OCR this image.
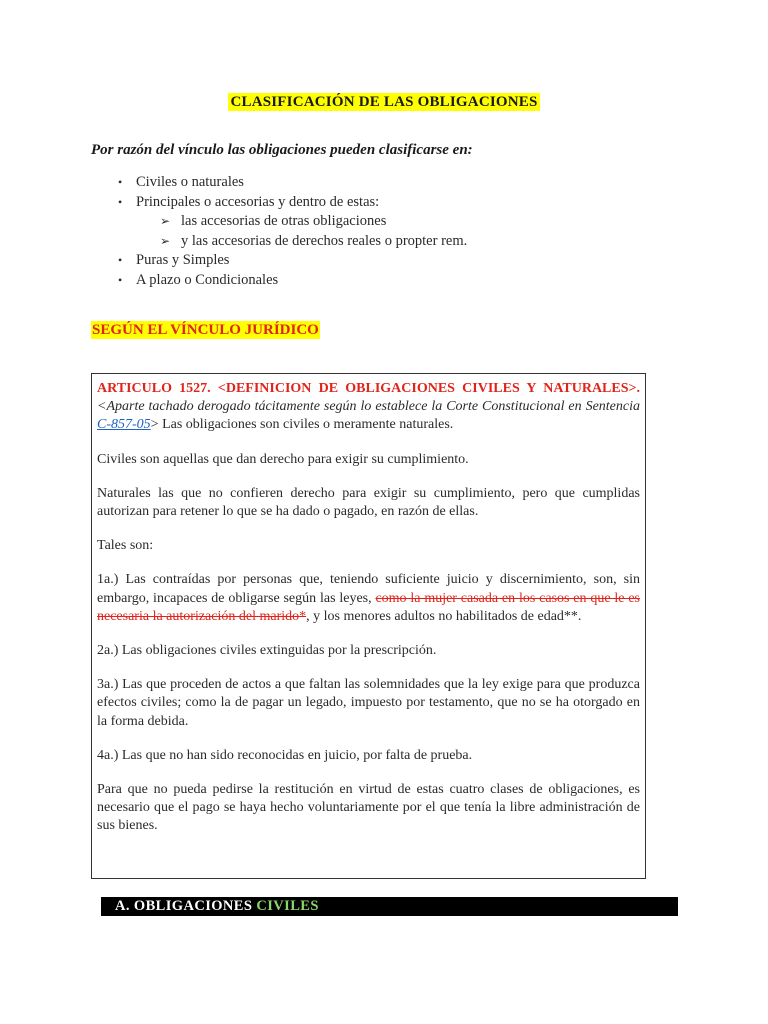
CLASIFICACIÓN DE LAS OBLIGACIONES
Por razón del vínculo las obligaciones pueden clasificarse en:
• Civiles o naturales
• Principales o accesorias y dentro de estas:
➢ las accesorias de otras obligaciones
➢ y las accesorias de derechos reales o propter rem.
• Puras y Simples
• A plazo o Condicionales
SEGÚN EL VÍNCULO JURÍDICO

ARTICULO 1527. <DEFINICION DE OBLIGACIONES CIVILES Y NATURALES>. <Aparte tachado derogado tácitamente según lo establece la Corte Constitucional en Sentencia C-857-05> Las obligaciones son civiles o meramente naturales.

Civiles son aquellas que dan derecho para exigir su cumplimiento.

Naturales las que no confieren derecho para exigir su cumplimiento, pero que cumplidas autorizan para retener lo que se ha dado o pagado, en razón de ellas.

Tales son:

1a.) Las contraídas por personas que, teniendo suficiente juicio y discernimiento, son, sin embargo, incapaces de obligarse según las leyes, como la mujer casada en los casos en que le es necesaria la autorización del marido*, y los menores adultos no habilitados de edad**.

2a.) Las obligaciones civiles extinguidas por la prescripción.

3a.) Las que proceden de actos a que faltan las solemnidades que la ley exige para que produzca efectos civiles; como la de pagar un legado, impuesto por testamento, que no se ha otorgado en la forma debida.

4a.) Las que no han sido reconocidas en juicio, por falta de prueba.

Para que no pueda pedirse la restitución en virtud de estas cuatro clases de obligaciones, es necesario que el pago se haya hecho voluntariamente por el que tenía la libre administración de sus bienes.

A. OBLIGACIONES CIVILES
